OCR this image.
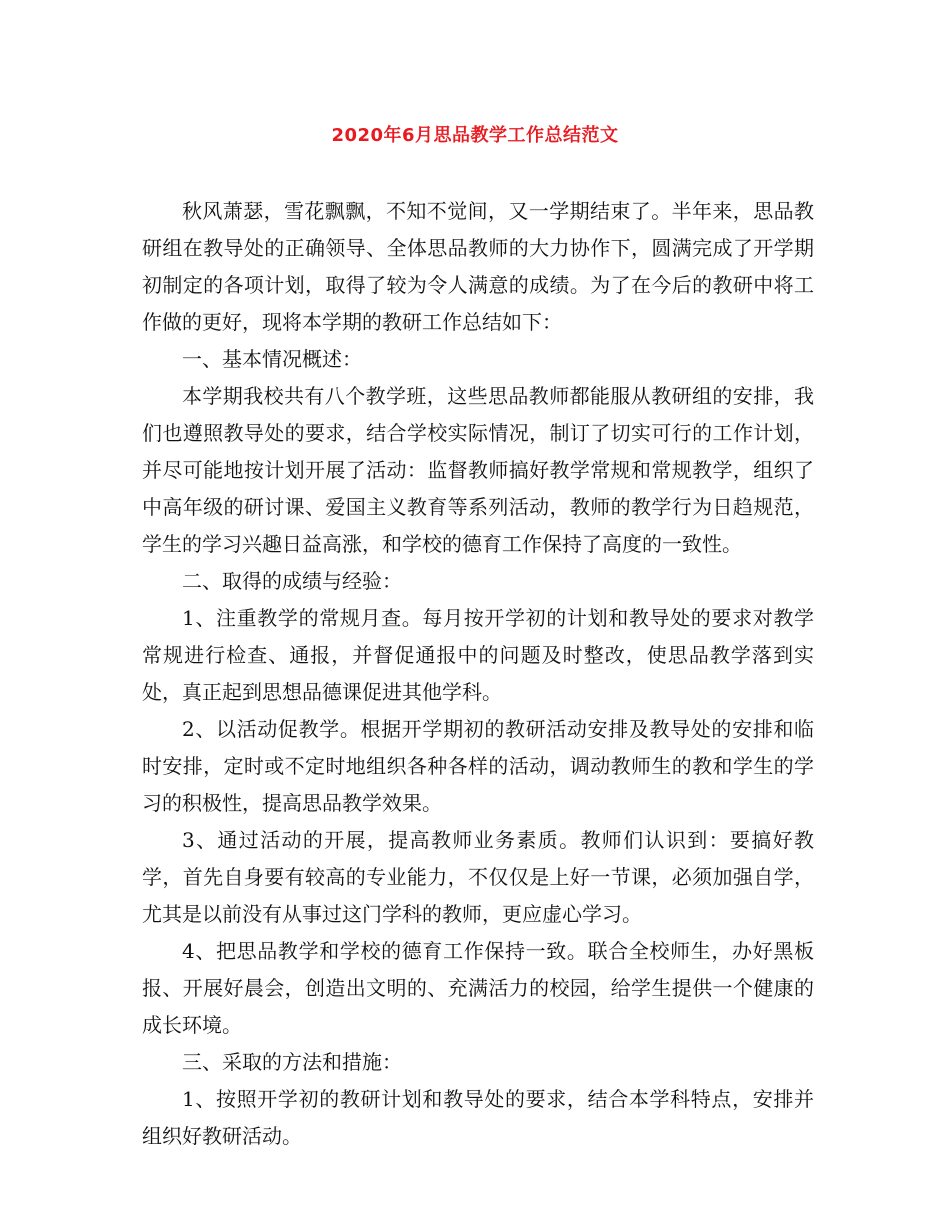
2020年6月思品教学工作总结范文

秋风萧瑟，雪花飘飘，不知不觉间，又一学期结束了。半年来，思品教研组在教导处的正确领导、全体思品教师的大力协作下，圆满完成了开学期初制定的各项计划，取得了较为令人满意的成绩。为了在今后的教研中将工作做的更好，现将本学期的教研工作总结如下：

一、基本情况概述：

本学期我校共有八个教学班，这些思品教师都能服从教研组的安排，我们也遵照教导处的要求，结合学校实际情况，制订了切实可行的工作计划，并尽可能地按计划开展了活动：监督教师搞好教学常规和常规教学，组织了中高年级的研讨课、爱国主义教育等系列活动，教师的教学行为日趋规范，学生的学习兴趣日益高涨，和学校的德育工作保持了高度的一致性。

二、取得的成绩与经验：

1、注重教学的常规月查。每月按开学初的计划和教导处的要求对教学常规进行检查、通报，并督促通报中的问题及时整改，使思品教学落到实处，真正起到思想品德课促进其他学科。

2、以活动促教学。根据开学期初的教研活动安排及教导处的安排和临时安排，定时或不定时地组织各种各样的活动，调动教师生的教和学生的学习的积极性，提高思品教学效果。

3、通过活动的开展，提高教师业务素质。教师们认识到：要搞好教学，首先自身要有较高的专业能力，不仅仅是上好一节课，必须加强自学，尤其是以前没有从事过这门学科的教师，更应虚心学习。

4、把思品教学和学校的德育工作保持一致。联合全校师生，办好黑板报、开展好晨会，创造出文明的、充满活力的校园，给学生提供一个健康的成长环境。

三、采取的方法和措施：

1、按照开学初的教研计划和教导处的要求，结合本学科特点，安排并组织好教研活动。
